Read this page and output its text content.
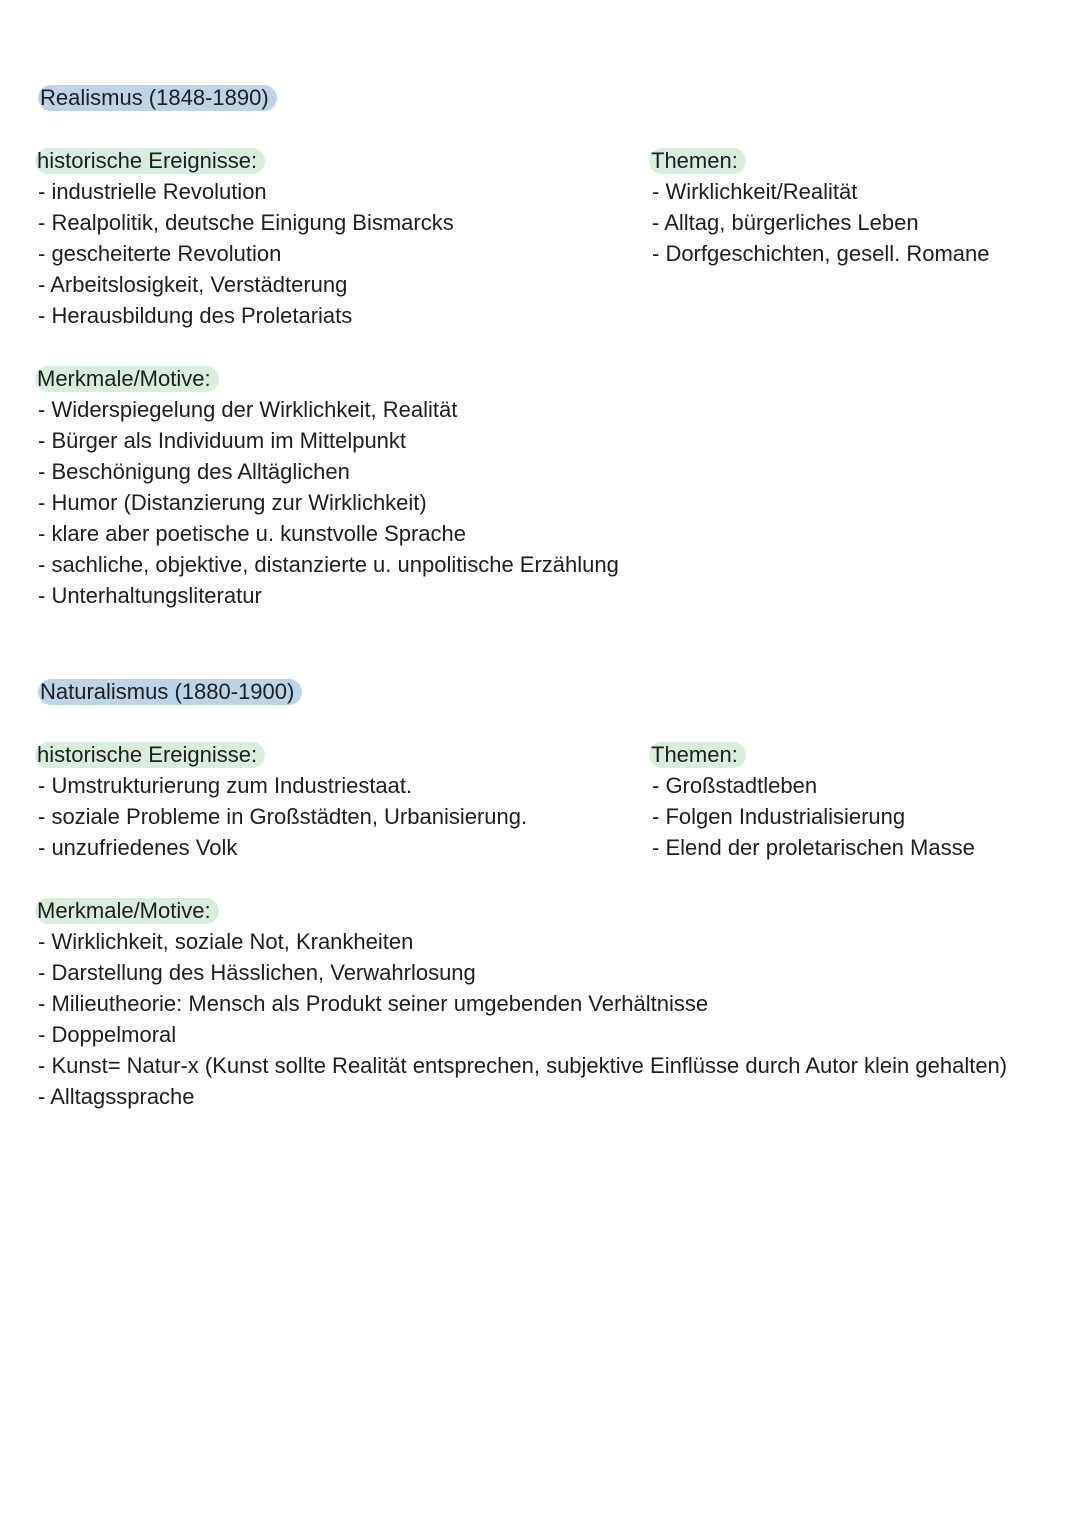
Realismus (1848-1890)
historische Ereignisse:
- industrielle Revolution
- Realpolitik, deutsche Einigung Bismarcks
- gescheiterte Revolution
- Arbeitslosigkeit, Verstädterung
- Herausbildung des Proletariats
Themen:
- Wirklichkeit/Realität
- Alltag, bürgerliches Leben
- Dorfgeschichten, gesell. Romane
Merkmale/Motive:
- Widerspiegelung der Wirklichkeit, Realität
- Bürger als Individuum im Mittelpunkt
- Beschönigung des Alltäglichen
- Humor (Distanzierung zur Wirklichkeit)
- klare aber poetische u. kunstvolle Sprache
- sachliche, objektive, distanzierte u. unpolitische Erzählung
- Unterhaltungsliteratur
Naturalismus (1880-1900)
historische Ereignisse:
- Umstrukturierung zum Industriestaat.
- soziale Probleme in Großstädten, Urbanisierung.
- unzufriedenes Volk
Themen:
- Großstadtleben
- Folgen Industrialisierung
- Elend der proletarischen Masse
Merkmale/Motive:
- Wirklichkeit, soziale Not, Krankheiten
- Darstellung des Hässlichen, Verwahrlosung
- Milieutheorie: Mensch als Produkt seiner umgebenden Verhältnisse
- Doppelmoral
- Kunst= Natur-x (Kunst sollte Realität entsprechen, subjektive Einflüsse durch Autor klein gehalten)
- Alltagssprache
